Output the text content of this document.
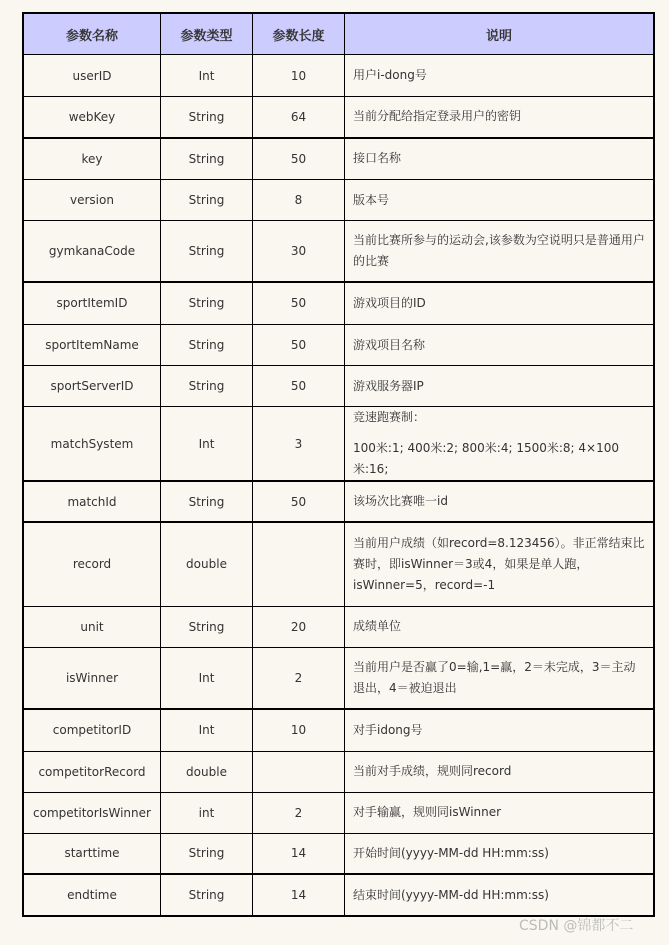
参数名称	参数类型	参数长度	说明
userID	Int	10	用户i-dong号

webKey	String	64	当前分配给指定登录用户的密钥

key	String	50	接口名称

version	String	8	版本号

gymkanaCode	String	30	当前比赛所参与的运动会,该参数为空说明只是普通用户的比赛

sportItemID	String	50	游戏项目的ID

sportItemName	String	50	游戏项目名称

sportServerID	String	50	游戏服务器IP

matchSystem	Int	3	竞速跑赛制：
100米:1; 400米:2; 800米:4; 1500米:8; 4×100米:16;

matchId	String	50	该场次比赛唯一id

record	double		当前用户成绩（如record=8.123456）。非正常结束比赛时，即isWinner＝3或4，如果是单人跑，isWinner=5，record=-1

unit	String	20	成绩单位

isWinner	Int	2	当前用户是否赢了0=输,1=赢，2＝未完成，3＝主动退出，4＝被迫退出

competitorID	Int	10	对手idong号

competitorRecord	double		当前对手成绩，规则同record

competitorIsWinner	int	2	对手输赢，规则同isWinner

starttime	String	14	开始时间(yyyy-MM-dd HH:mm:ss)

endtime	String	14	结束时间(yyyy-MM-dd HH:mm:ss)
CSDN @锦都不二
